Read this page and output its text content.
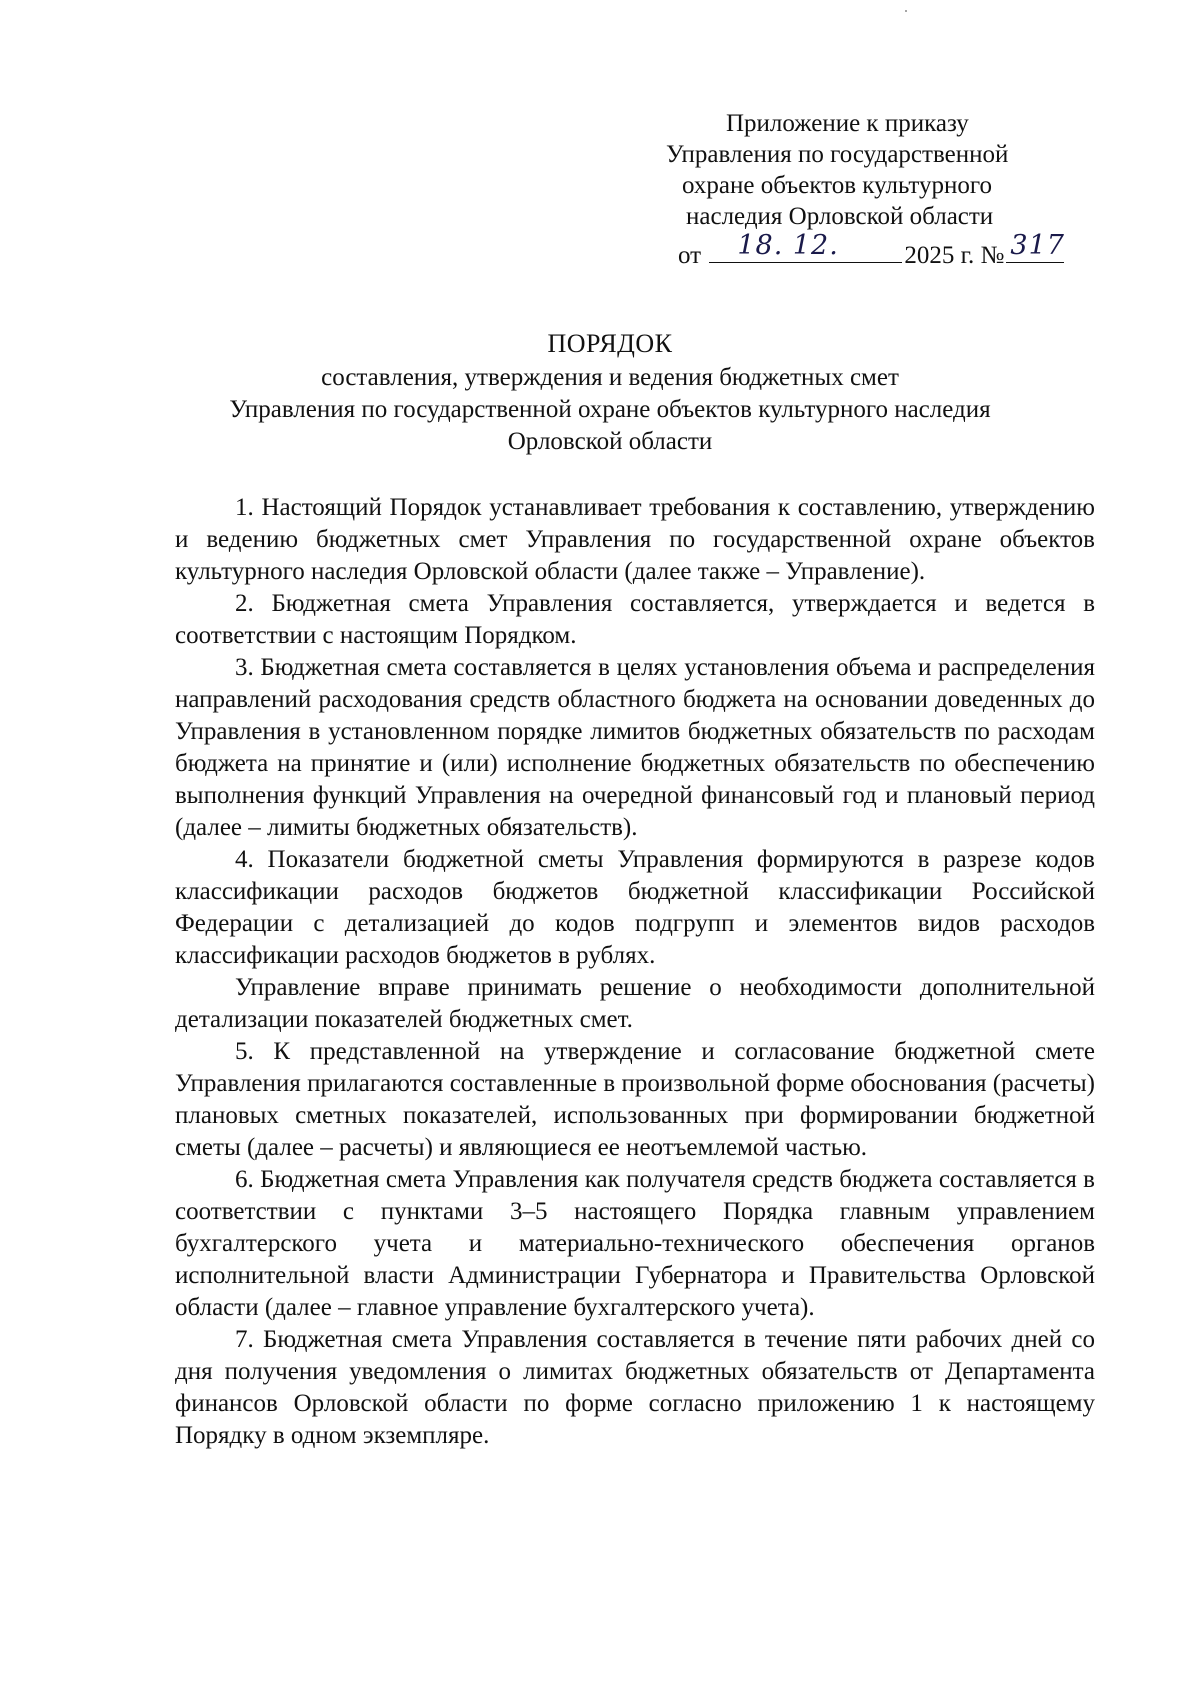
Приложение к приказу
Управления по государственной
охране объектов культурного
наследия Орловской области
от 18. 12.	2025 г. № 317
ПОРЯДОК
составления, утверждения и ведения бюджетных смет
Управления по государственной охране объектов культурного наследия
Орловской области

1. Настоящий Порядок устанавливает требования к составлению, утверждению и ведению бюджетных смет Управления по государственной охране объектов культурного наследия Орловской области (далее также – Управление).

2. Бюджетная смета Управления составляется, утверждается и ведется в соответствии с настоящим Порядком.

3. Бюджетная смета составляется в целях установления объема и распределения направлений расходования средств областного бюджета на основании доведенных до Управления в установленном порядке лимитов бюджетных обязательств по расходам бюджета на принятие и (или) исполнение бюджетных обязательств по обеспечению выполнения функций Управления на очередной финансовый год и плановый период (далее – лимиты бюджетных обязательств).

4. Показатели бюджетной сметы Управления формируются в разрезе кодов классификации расходов бюджетов бюджетной классификации Российской Федерации с детализацией до кодов подгрупп и элементов видов расходов классификации расходов бюджетов в рублях.

Управление вправе принимать решение о необходимости дополнительной детализации показателей бюджетных смет.

5. К представленной на утверждение и согласование бюджетной смете Управления прилагаются составленные в произвольной форме обоснования (расчеты) плановых сметных показателей, использованных при формировании бюджетной сметы (далее – расчеты) и являющиеся ее неотъемлемой частью.

6. Бюджетная смета Управления как получателя средств бюджета составляется в соответствии с пунктами 3–5 настоящего Порядка главным управлением бухгалтерского учета и материально-технического обеспечения органов исполнительной власти Администрации Губернатора и Правительства Орловской области (далее – главное управление бухгалтерского учета).

7. Бюджетная смета Управления составляется в течение пяти рабочих дней со дня получения уведомления о лимитах бюджетных обязательств от Департамента финансов Орловской области по форме согласно приложению 1 к настоящему Порядку в одном экземпляре.
